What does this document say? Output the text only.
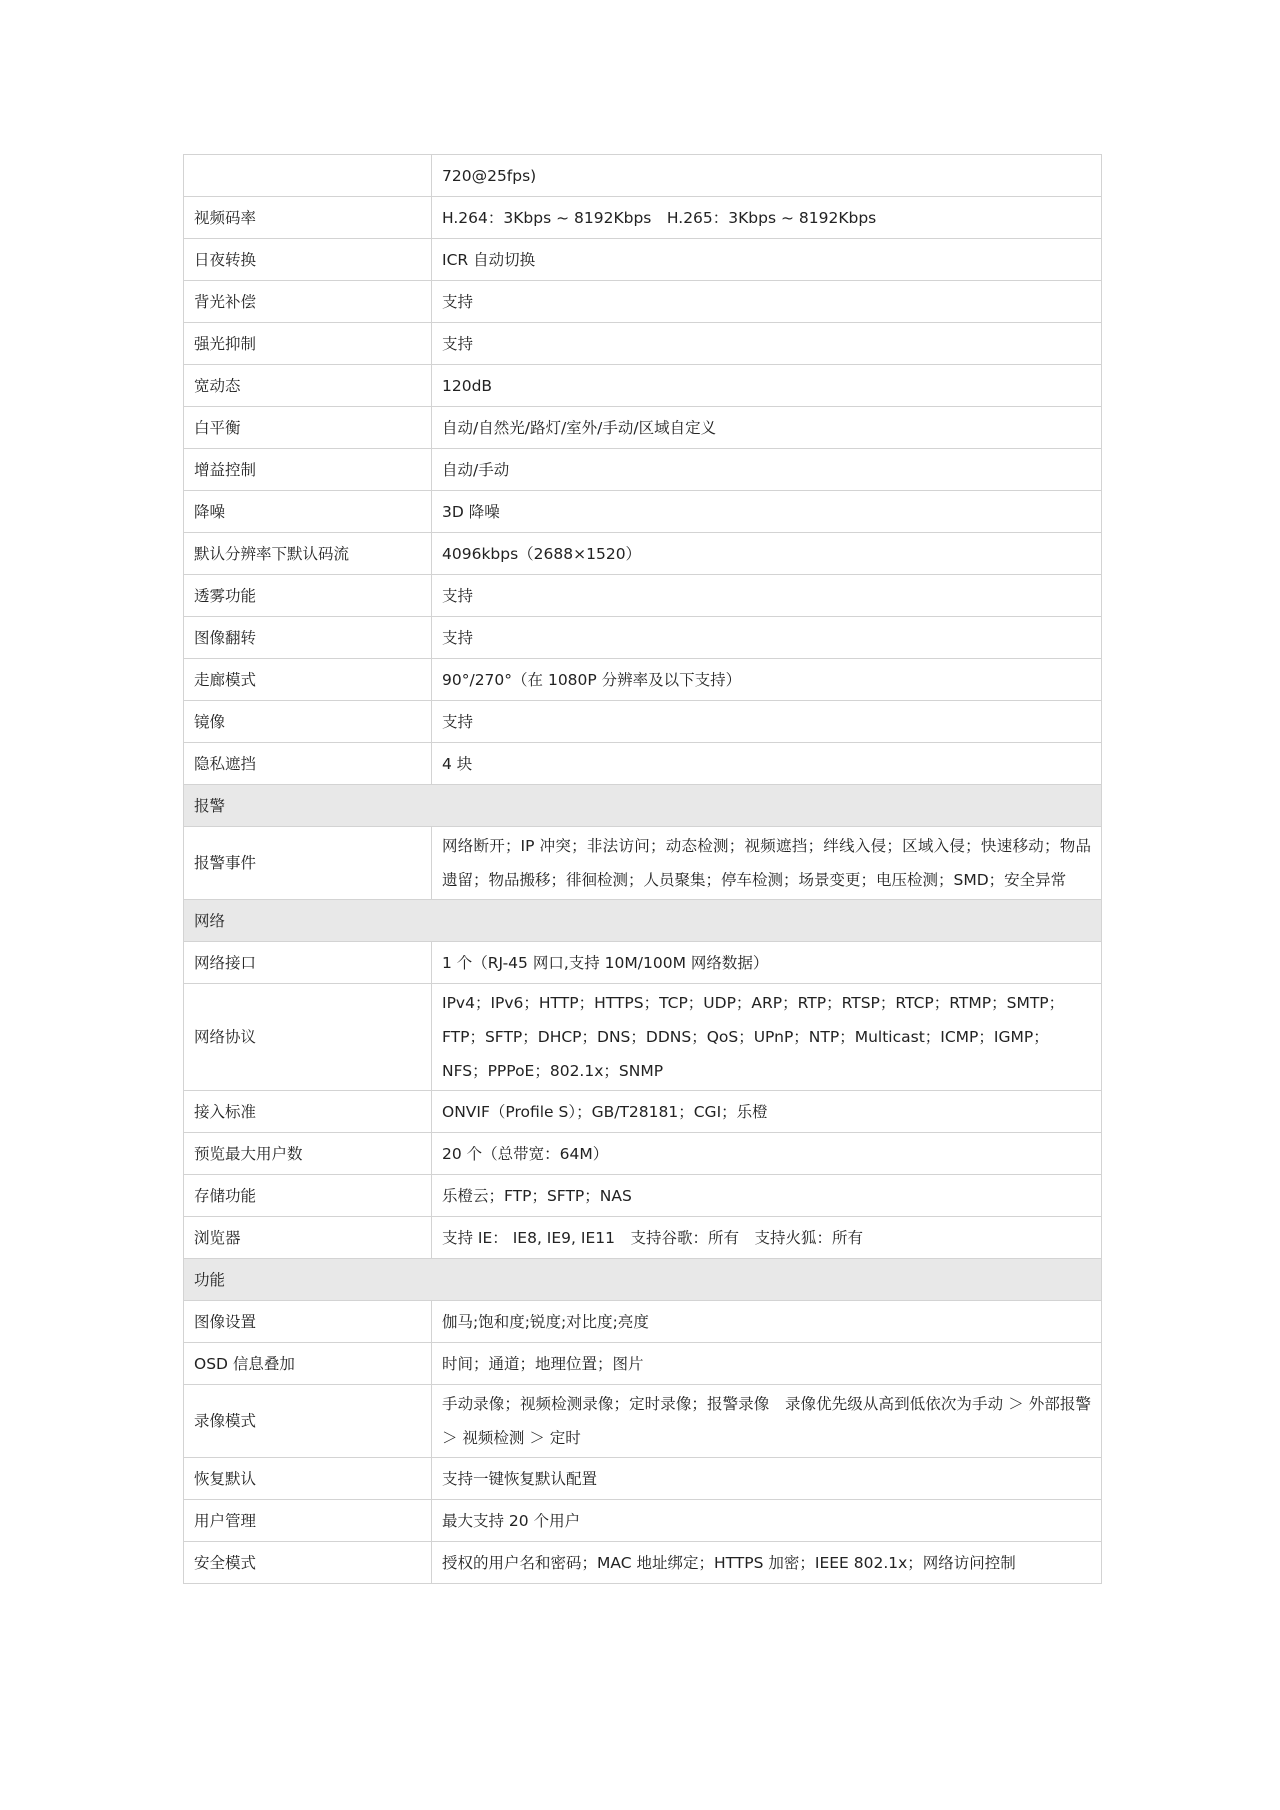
	720@25fps)
视频码率	H.264：3Kbps ~ 8192Kbps　H.265：3Kbps ~ 8192Kbps
日夜转换	ICR 自动切换
背光补偿	支持
强光抑制	支持
宽动态	120dB
白平衡	自动/自然光/路灯/室外/手动/区域自定义
增益控制	自动/手动
降噪	3D 降噪
默认分辨率下默认码流	4096kbps（2688×1520）
透雾功能	支持
图像翻转	支持
走廊模式	90°/270°（在 1080P 分辨率及以下支持）
镜像	支持
隐私遮挡	4 块
报警	
报警事件	网络断开；IP 冲突；非法访问；动态检测；视频遮挡；绊线入侵；区域入侵；快速移动；物品遗留；物品搬移；徘徊检测；人员聚集；停车检测；场景变更；电压检测；SMD；安全异常
网络	
网络接口	1 个（RJ-45 网口,支持 10M/100M 网络数据）
网络协议	IPv4；IPv6；HTTP；HTTPS；TCP；UDP；ARP；RTP；RTSP；RTCP；RTMP；SMTP；FTP；SFTP；DHCP；DNS；DDNS；QoS；UPnP；NTP；Multicast；ICMP；IGMP；NFS；PPPoE；802.1x；SNMP
接入标准	ONVIF（Profile S）；GB/T28181；CGI；乐橙
预览最大用户数	20 个（总带宽：64M）
存储功能	乐橙云；FTP；SFTP；NAS
浏览器	支持 IE： IE8, IE9, IE11　支持谷歌：所有　支持火狐：所有
功能	
图像设置	伽马;饱和度;锐度;对比度;亮度
OSD 信息叠加	时间；通道；地理位置；图片
录像模式	手动录像；视频检测录像；定时录像；报警录像　录像优先级从高到低依次为手动 ＞ 外部报警 ＞ 视频检测 ＞ 定时
恢复默认	支持一键恢复默认配置
用户管理	最大支持 20 个用户
安全模式	授权的用户名和密码；MAC 地址绑定；HTTPS 加密；IEEE 802.1x；网络访问控制
